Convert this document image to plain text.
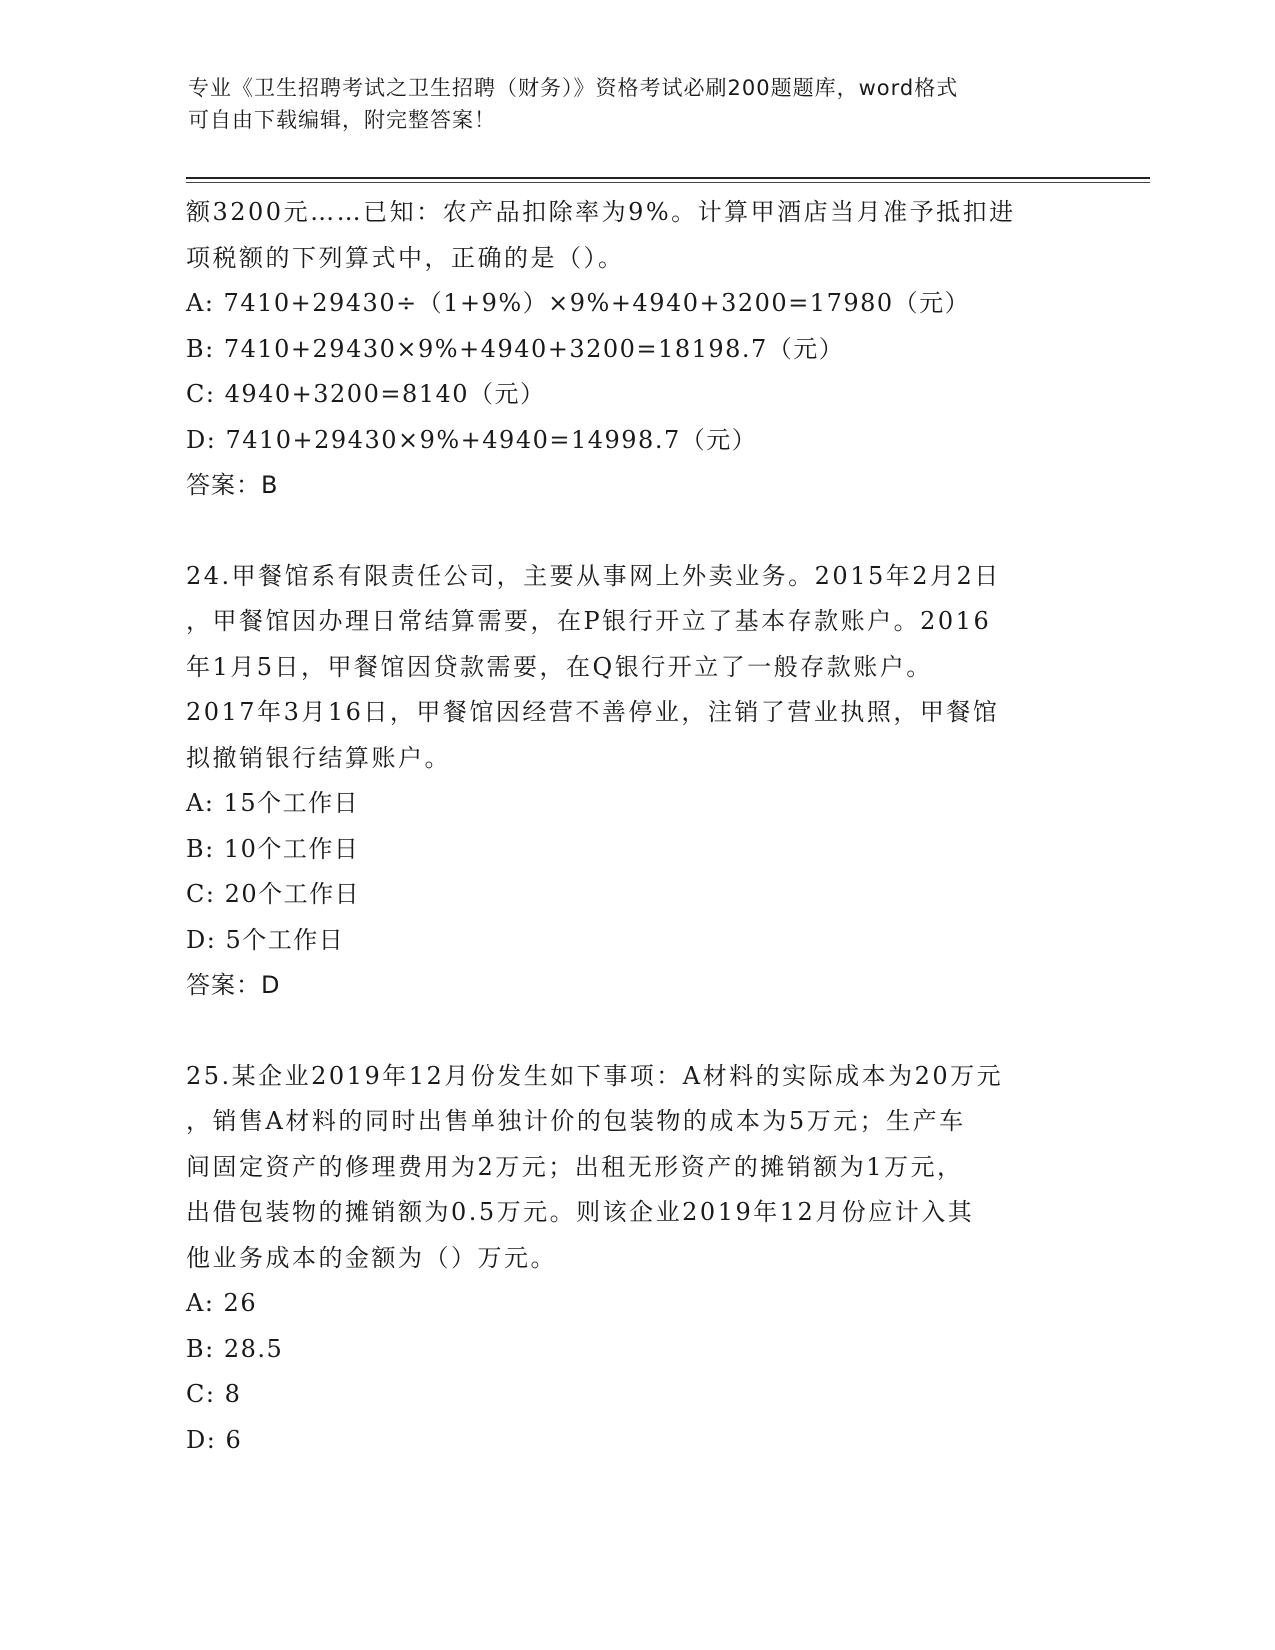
专业《卫生招聘考试之卫生招聘（财务）》资格考试必刷200题题库，word格式
可自由下载编辑，附完整答案！

额3200元……已知：农产品扣除率为9%。计算甲酒店当月准予抵扣进

项税额的下列算式中，正确的是（）。

A: 7410+29430÷（1+9%）×9%+4940+3200=17980（元）

B: 7410+29430×9%+4940+3200=18198.7（元）

C: 4940+3200=8140（元）

D: 7410+29430×9%+4940=14998.7（元）

答案：B

24.甲餐馆系有限责任公司，主要从事网上外卖业务。2015年2月2日

，甲餐馆因办理日常结算需要，在P银行开立了基本存款账户。2016

年1月5日，甲餐馆因贷款需要，在Q银行开立了一般存款账户。

2017年3月16日，甲餐馆因经营不善停业，注销了营业执照，甲餐馆

拟撤销银行结算账户。

A: 15个工作日

B: 10个工作日

C: 20个工作日

D: 5个工作日

答案：D

25.某企业2019年12月份发生如下事项：A材料的实际成本为20万元

，销售A材料的同时出售单独计价的包装物的成本为5万元；生产车

间固定资产的修理费用为2万元；出租无形资产的摊销额为1万元，

出借包装物的摊销额为0.5万元。则该企业2019年12月份应计入其

他业务成本的金额为（）万元。

A: 26

B: 28.5

C: 8

D: 6
